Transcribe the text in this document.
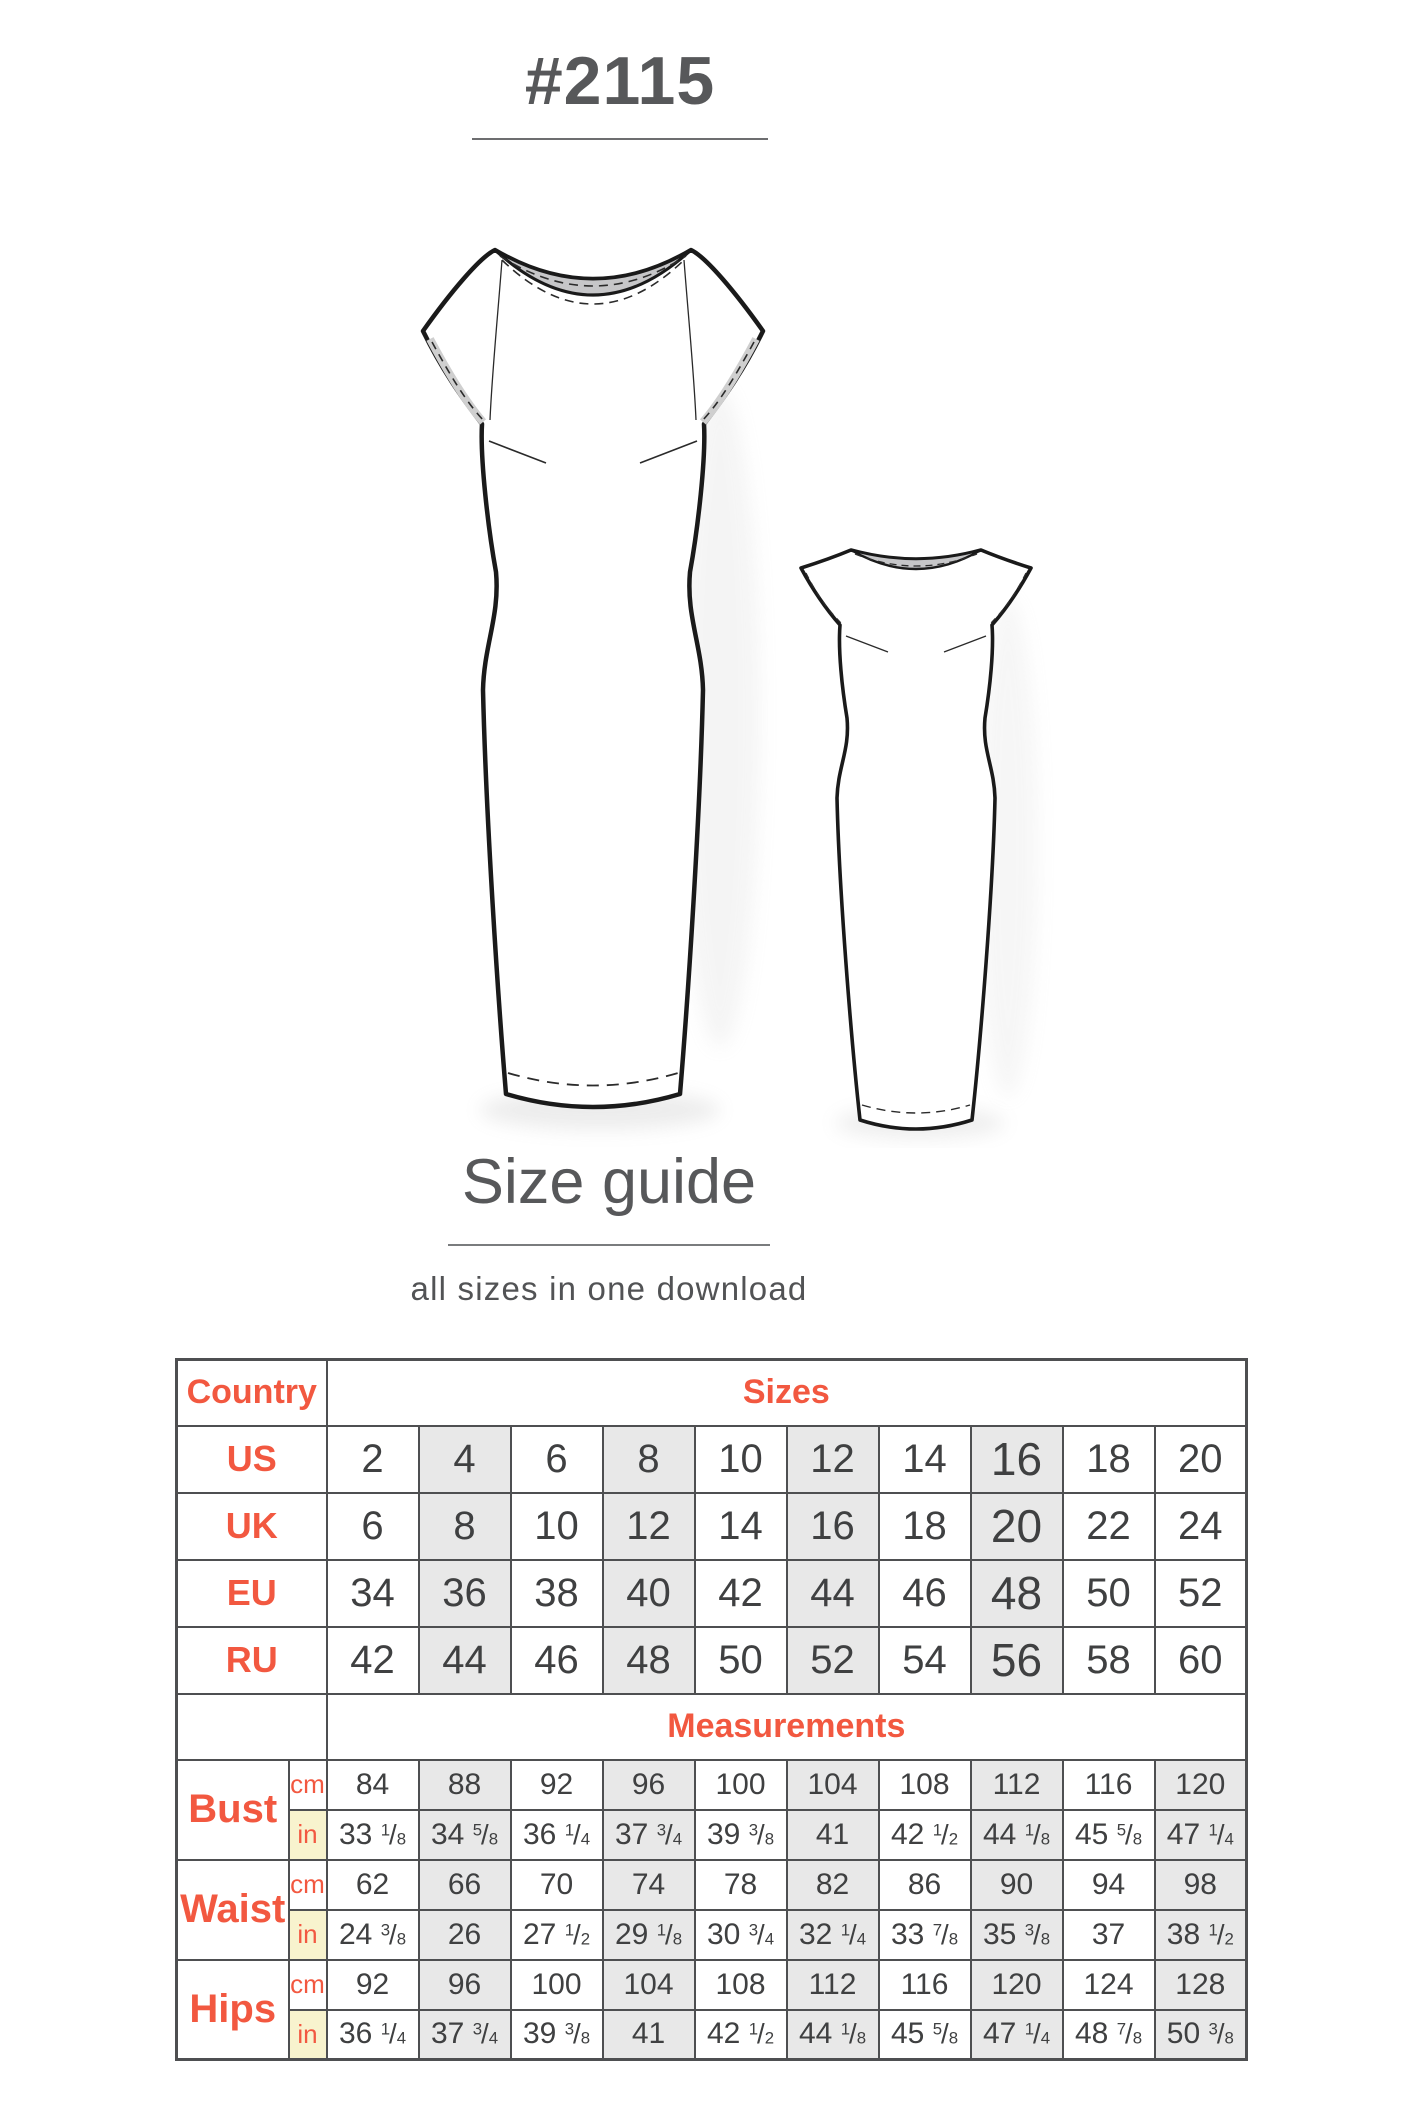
#2115
Size guide
all sizes in one download
Country		Sizes									
US		2	4	6	8	10	12	14	16	18	20
UK		6	8	10	12	14	16	18	20	22	24
EU		34	36	38	40	42	44	46	48	50	52
RU		42	44	46	48	50	52	54	56	58	60
		Measurements									
Bust	cm	84	88	92	96	100	104	108	112	116	120
	in	33 $^1/_8$	34 $^5/_8$	36 $^1/_4$	37 $^3/_4$	39 $^3/_8$	41	42 $^1/_2$	44 $^1/_8$	45 $^5/_8$	47 $^1/_4$
Waist	cm	62	66	70	74	78	82	86	90	94	98
	in	24 $^3/_8$	26	27 $^1/_2$	29 $^1/_8$	30 $^3/_4$	32 $^1/_4$	33 $^7/_8$	35 $^3/_8$	37	38 $^1/_2$
Hips	cm	92	96	100	104	108	112	116	120	124	128
	in	36 $^1/_4$	37 $^3/_4$	39 $^3/_8$	41	42 $^1/_2$	44 $^1/_8$	45 $^5/_8$	47 $^1/_4$	48 $^7/_8$	50 $^3/_8$
